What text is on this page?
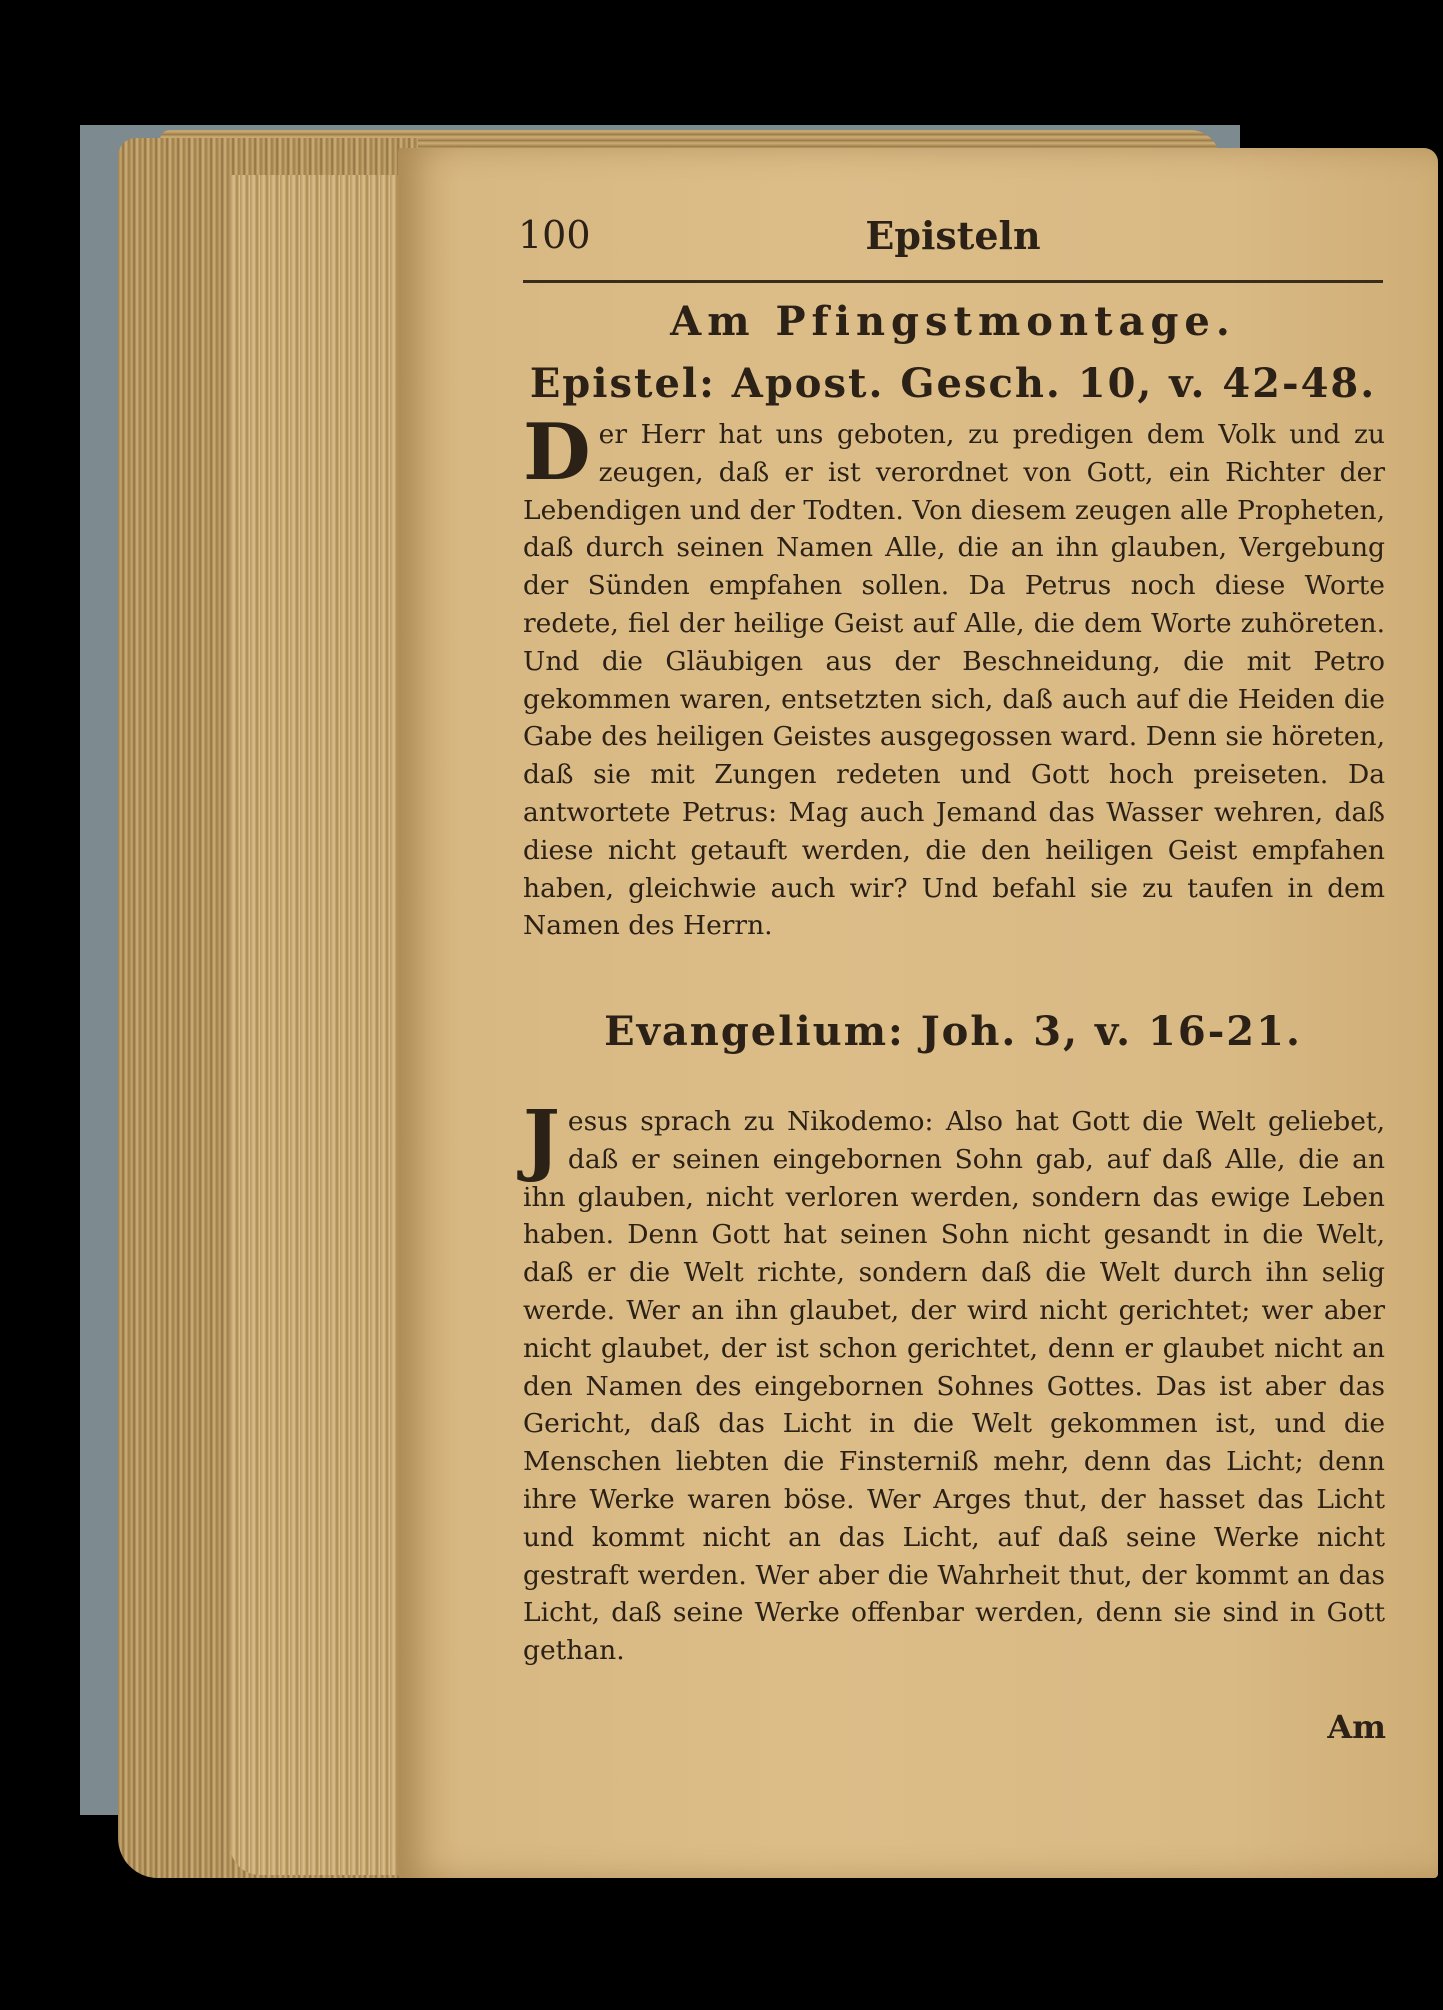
100	Episteln
Am Pfingstmontage.
Epistel: Apost. Gesch. 10, v. 42-48.
D er Herr hat uns geboten, zu predigen dem Volk und zu zeugen, daß er ist verordnet von Gott, ein Richter der Lebendigen und der Todten. Von diesem zeugen alle Propheten, daß durch seinen Namen Alle, die an ihn glauben, Vergebung der Sünden empfahen sollen. Da Petrus noch diese Worte redete, fiel der heilige Geist auf Alle, die dem Worte zuhöreten. Und die Gläubigen aus der Beschneidung, die mit Petro gekommen waren, entsetzten sich, daß auch auf die Heiden die Gabe des heiligen Geistes ausgegossen ward. Denn sie höreten, daß sie mit Zungen redeten und Gott hoch preiseten. Da antwortete Petrus: Mag auch Jemand das Wasser wehren, daß diese nicht getauft werden, die den heiligen Geist empfahen haben, gleichwie auch wir? Und befahl sie zu taufen in dem Namen des Herrn.
Evangelium: Joh. 3, v. 16-21.
J esus sprach zu Nikodemo: Also hat Gott die Welt geliebet, daß er seinen eingebornen Sohn gab, auf daß Alle, die an ihn glauben, nicht verloren werden, sondern das ewige Leben haben. Denn Gott hat seinen Sohn nicht gesandt in die Welt, daß er die Welt richte, sondern daß die Welt durch ihn selig werde. Wer an ihn glaubet, der wird nicht gerichtet; wer aber nicht glaubet, der ist schon gerichtet, denn er glaubet nicht an den Namen des eingebornen Sohnes Gottes. Das ist aber das Gericht, daß das Licht in die Welt gekommen ist, und die Menschen liebten die Finsterniß mehr, denn das Licht; denn ihre Werke waren böse. Wer Arges thut, der hasset das Licht und kommt nicht an das Licht, auf daß seine Werke nicht gestraft werden. Wer aber die Wahrheit thut, der kommt an das Licht, daß seine Werke offenbar werden, denn sie sind in Gott gethan.
Am
